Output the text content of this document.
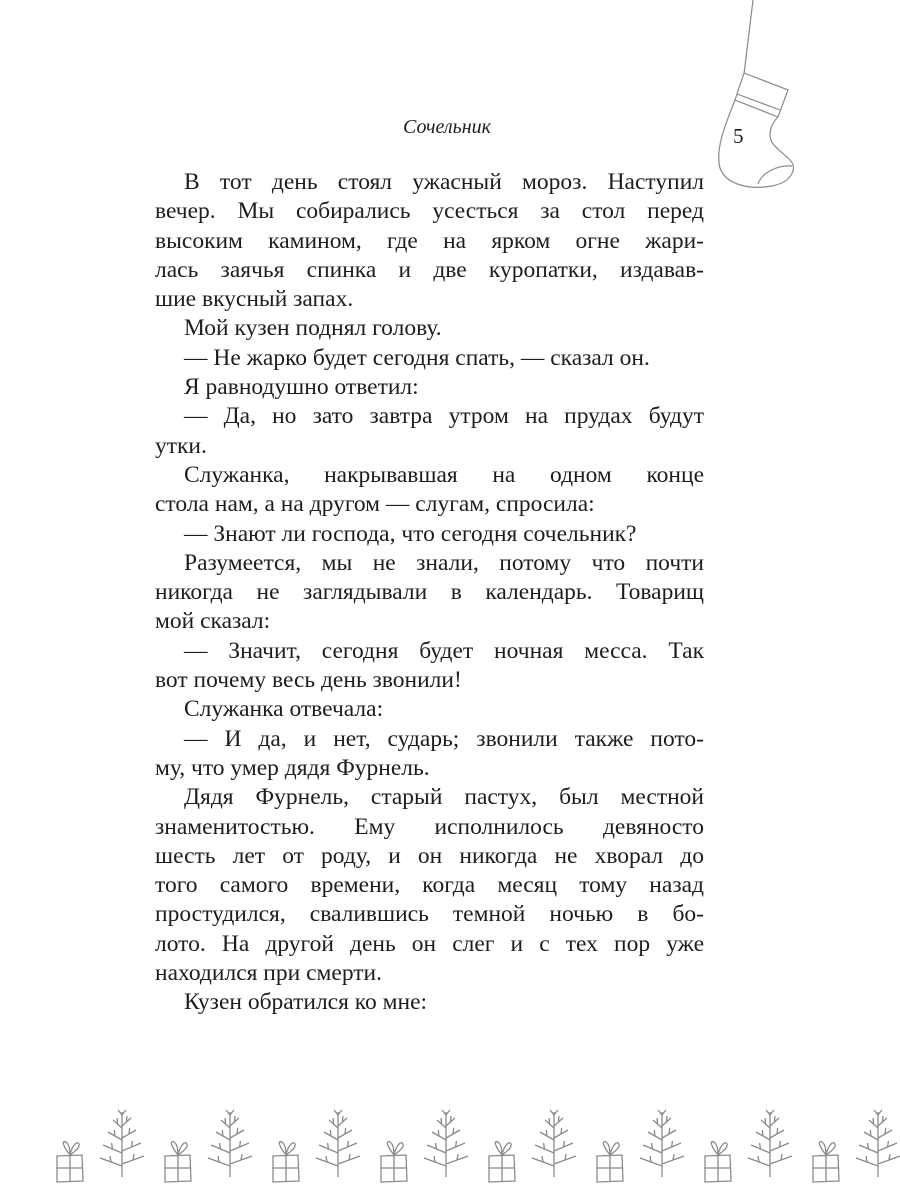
Сочельник	5
В тот день стоял ужасный мороз. Наступил
вечер. Мы собирались усесться за стол перед
высоким камином, где на ярком огне жари-
лась заячья спинка и две куропатки, издавав-
шие вкусный запах.
Мой кузен поднял голову.
— Не жарко будет сегодня спать, — сказал он.
Я равнодушно ответил:
— Да, но зато завтра утром на прудах будут
утки.
Служанка, накрывавшая на одном конце
стола нам, а на другом — слугам, спросила:
— Знают ли господа, что сегодня сочельник?
Разумеется, мы не знали, потому что почти
никогда не заглядывали в календарь. Товарищ
мой сказал:
— Значит, сегодня будет ночная месса. Так
вот почему весь день звонили!
Служанка отвечала:
— И да, и нет, сударь; звонили также пото-
му, что умер дядя Фурнель.
Дядя Фурнель, старый пастух, был местной
знаменитостью. Ему исполнилось девяносто
шесть лет от роду, и он никогда не хворал до
того самого времени, когда месяц тому назад
простудился, свалившись темной ночью в бо-
лото. На другой день он слег и с тех пор уже
находился при смерти.
Кузен обратился ко мне:
